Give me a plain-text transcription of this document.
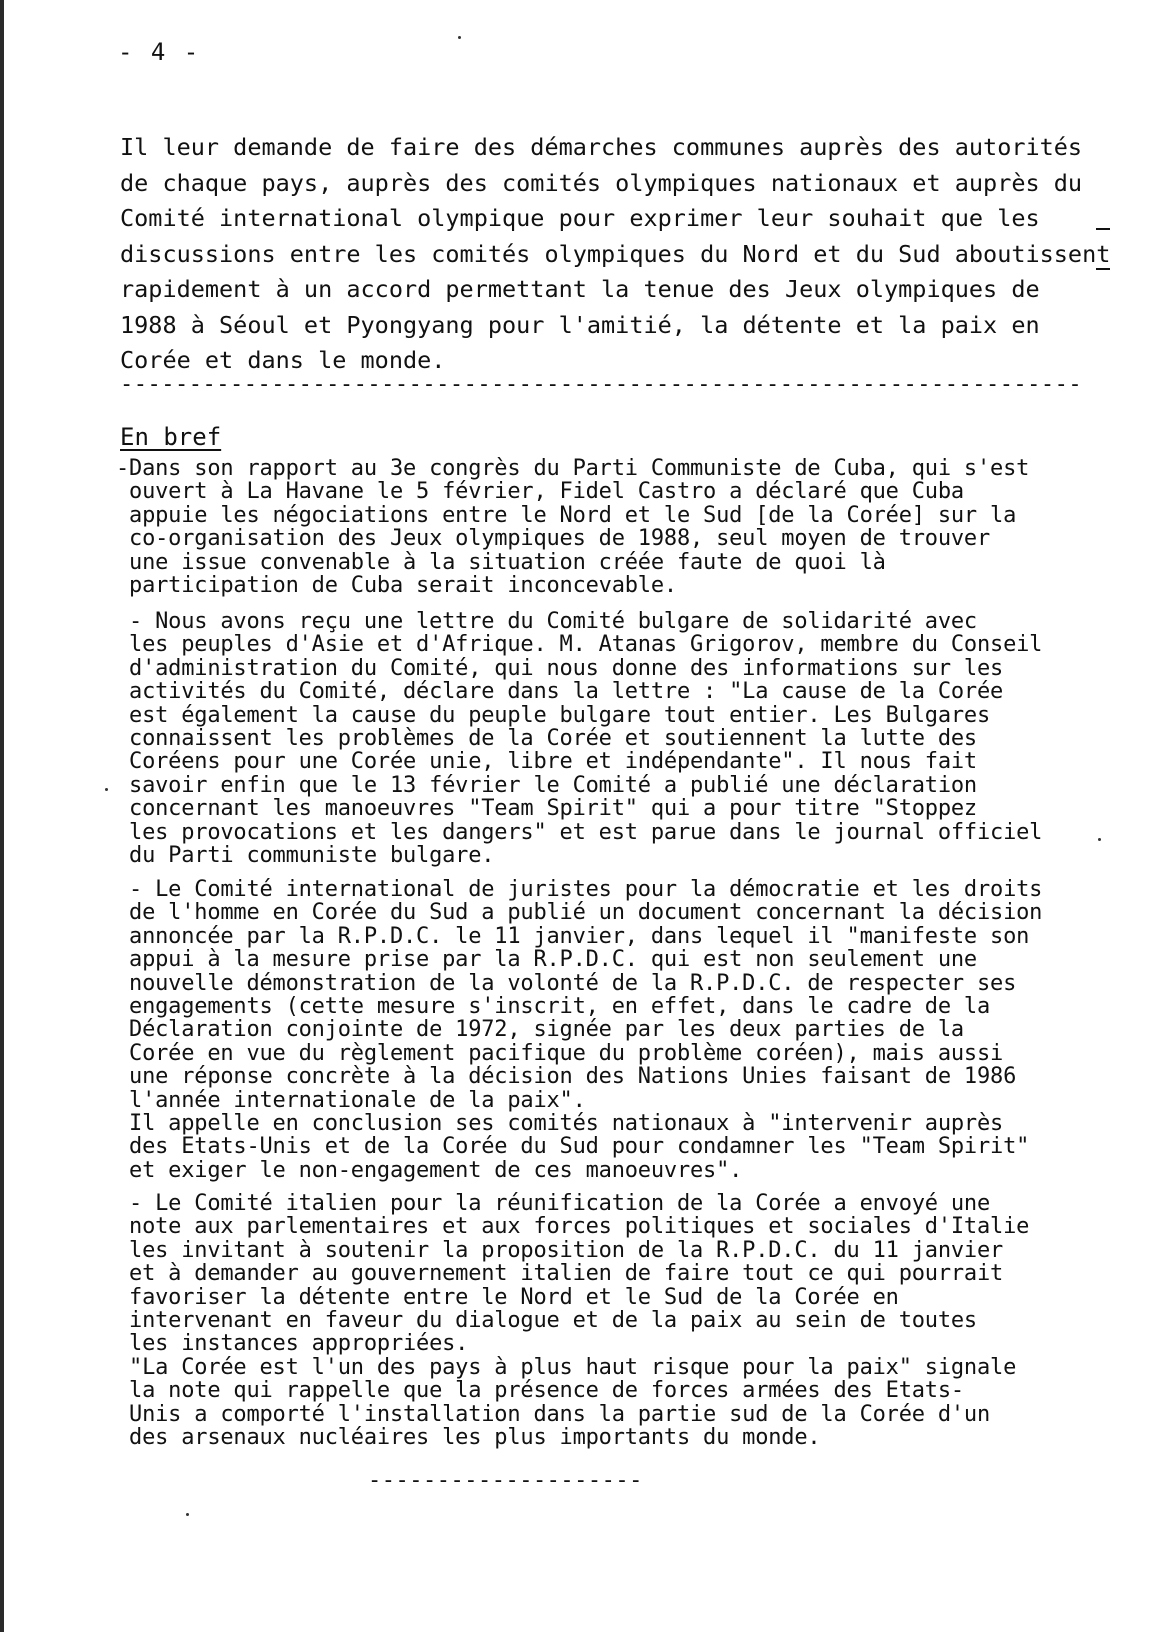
- 4 -
Il leur demande de faire des démarches communes auprès des autorités
de chaque pays, auprès des comités olympiques nationaux et auprès du
Comité international olympique pour exprimer leur souhait que les
discussions entre les comités olympiques du Nord et du Sud aboutissent
rapidement à un accord permettant la tenue des Jeux olympiques de
1988 à Séoul et Pyongyang pour l'amitié, la détente et la paix en
Corée et dans le monde.
----------------------------------------------------------------------
En bref
-Dans son rapport au 3e congrès du Parti Communiste de Cuba, qui s'est
ouvert à La Havane le 5 février, Fidel Castro a déclaré que Cuba
appuie les négociations entre le Nord et le Sud [de la Corée] sur la
co-organisation des Jeux olympiques de 1988, seul moyen de trouver
une issue convenable à la situation créée faute de quoi là
participation de Cuba serait inconcevable.
- Nous avons reçu une lettre du Comité bulgare de solidarité avec
les peuples d'Asie et d'Afrique. M. Atanas Grigorov, membre du Conseil
d'administration du Comité, qui nous donne des informations sur les
activités du Comité, déclare dans la lettre : "La cause de la Corée
est également la cause du peuple bulgare tout entier. Les Bulgares
connaissent les problèmes de la Corée et soutiennent la lutte des
Coréens pour une Corée unie, libre et indépendante". Il nous fait
savoir enfin que le 13 février le Comité a publié une déclaration
concernant les manoeuvres "Team Spirit" qui a pour titre "Stoppez
les provocations et les dangers" et est parue dans le journal officiel
du Parti communiste bulgare.
- Le Comité international de juristes pour la démocratie et les droits
de l'homme en Corée du Sud a publié un document concernant la décision
annoncée par la R.P.D.C. le 11 janvier, dans lequel il "manifeste son
appui à la mesure prise par la R.P.D.C. qui est non seulement une
nouvelle démonstration de la volonté de la R.P.D.C. de respecter ses
engagements (cette mesure s'inscrit, en effet, dans le cadre de la
Déclaration conjointe de 1972, signée par les deux parties de la
Corée en vue du règlement pacifique du problème coréen), mais aussi
une réponse concrète à la décision des Nations Unies faisant de 1986
l'année internationale de la paix".
Il appelle en conclusion ses comités nationaux à "intervenir auprès
des Etats-Unis et de la Corée du Sud pour condamner les "Team Spirit"
et exiger le non-engagement de ces manoeuvres".
- Le Comité italien pour la réunification de la Corée a envoyé une
note aux parlementaires et aux forces politiques et sociales d'Italie
les invitant à soutenir la proposition de la R.P.D.C. du 11 janvier
et à demander au gouvernement italien de faire tout ce qui pourrait
favoriser la détente entre le Nord et le Sud de la Corée en
intervenant en faveur du dialogue et de la paix au sein de toutes
les instances appropriées.
"La Corée est l'un des pays à plus haut risque pour la paix" signale
la note qui rappelle que la présence de forces armées des Etats-
Unis a comporté l'installation dans la partie sud de la Corée d'un
des arsenaux nucléaires les plus importants du monde.
--------------------
